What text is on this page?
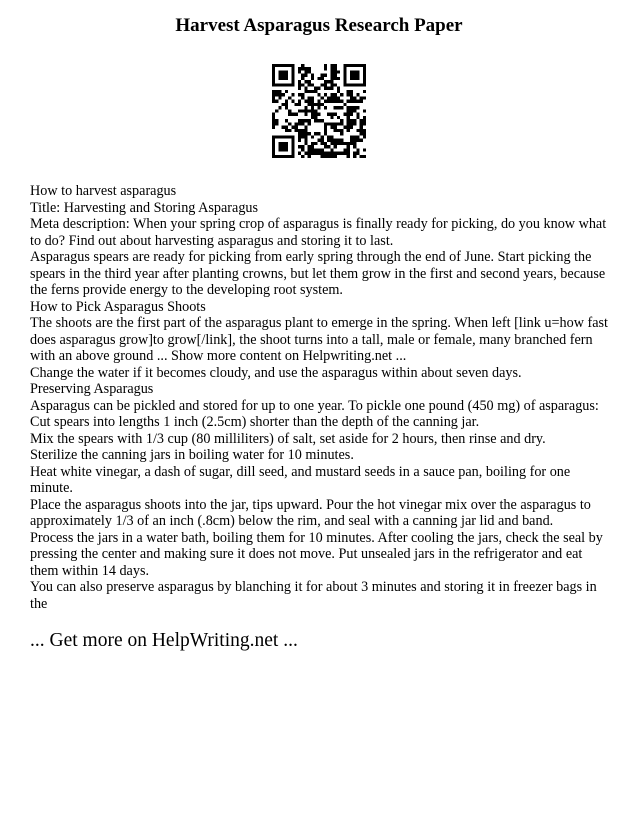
Harvest Asparagus Research Paper

How to harvest asparagus

Title: Harvesting and Storing Asparagus

Meta description: When your spring crop of asparagus is finally ready for picking, do you know what to do? Find out about harvesting asparagus and storing it to last.

Asparagus spears are ready for picking from early spring through the end of June. Start picking the spears in the third year after planting crowns, but let them grow in the first and second years, because the ferns provide energy to the developing root system.

How to Pick Asparagus Shoots

The shoots are the first part of the asparagus plant to emerge in the spring. When left [link u=how fast does asparagus grow]to grow[/link], the shoot turns into a tall, male or female, many branched fern with an above ground ... Show more content on Helpwriting.net ...

Change the water if it becomes cloudy, and use the asparagus within about seven days.

Preserving Asparagus

Asparagus can be pickled and stored for up to one year. To pickle one pound (450 mg) of asparagus: Cut spears into lengths 1 inch (2.5cm) shorter than the depth of the canning jar.

Mix the spears with 1/3 cup (80 milliliters) of salt, set aside for 2 hours, then rinse and dry.

Sterilize the canning jars in boiling water for 10 minutes.

Heat white vinegar, a dash of sugar, dill seed, and mustard seeds in a sauce pan, boiling for one minute.

Place the asparagus shoots into the jar, tips upward. Pour the hot vinegar mix over the asparagus to approximately 1/3 of an inch (.8cm) below the rim, and seal with a canning jar lid and band.

Process the jars in a water bath, boiling them for 10 minutes. After cooling the jars, check the seal by pressing the center and making sure it does not move. Put unsealed jars in the refrigerator and eat them within 14 days.

You can also preserve asparagus by blanching it for about 3 minutes and storing it in freezer bags in the

... Get more on HelpWriting.net ...
